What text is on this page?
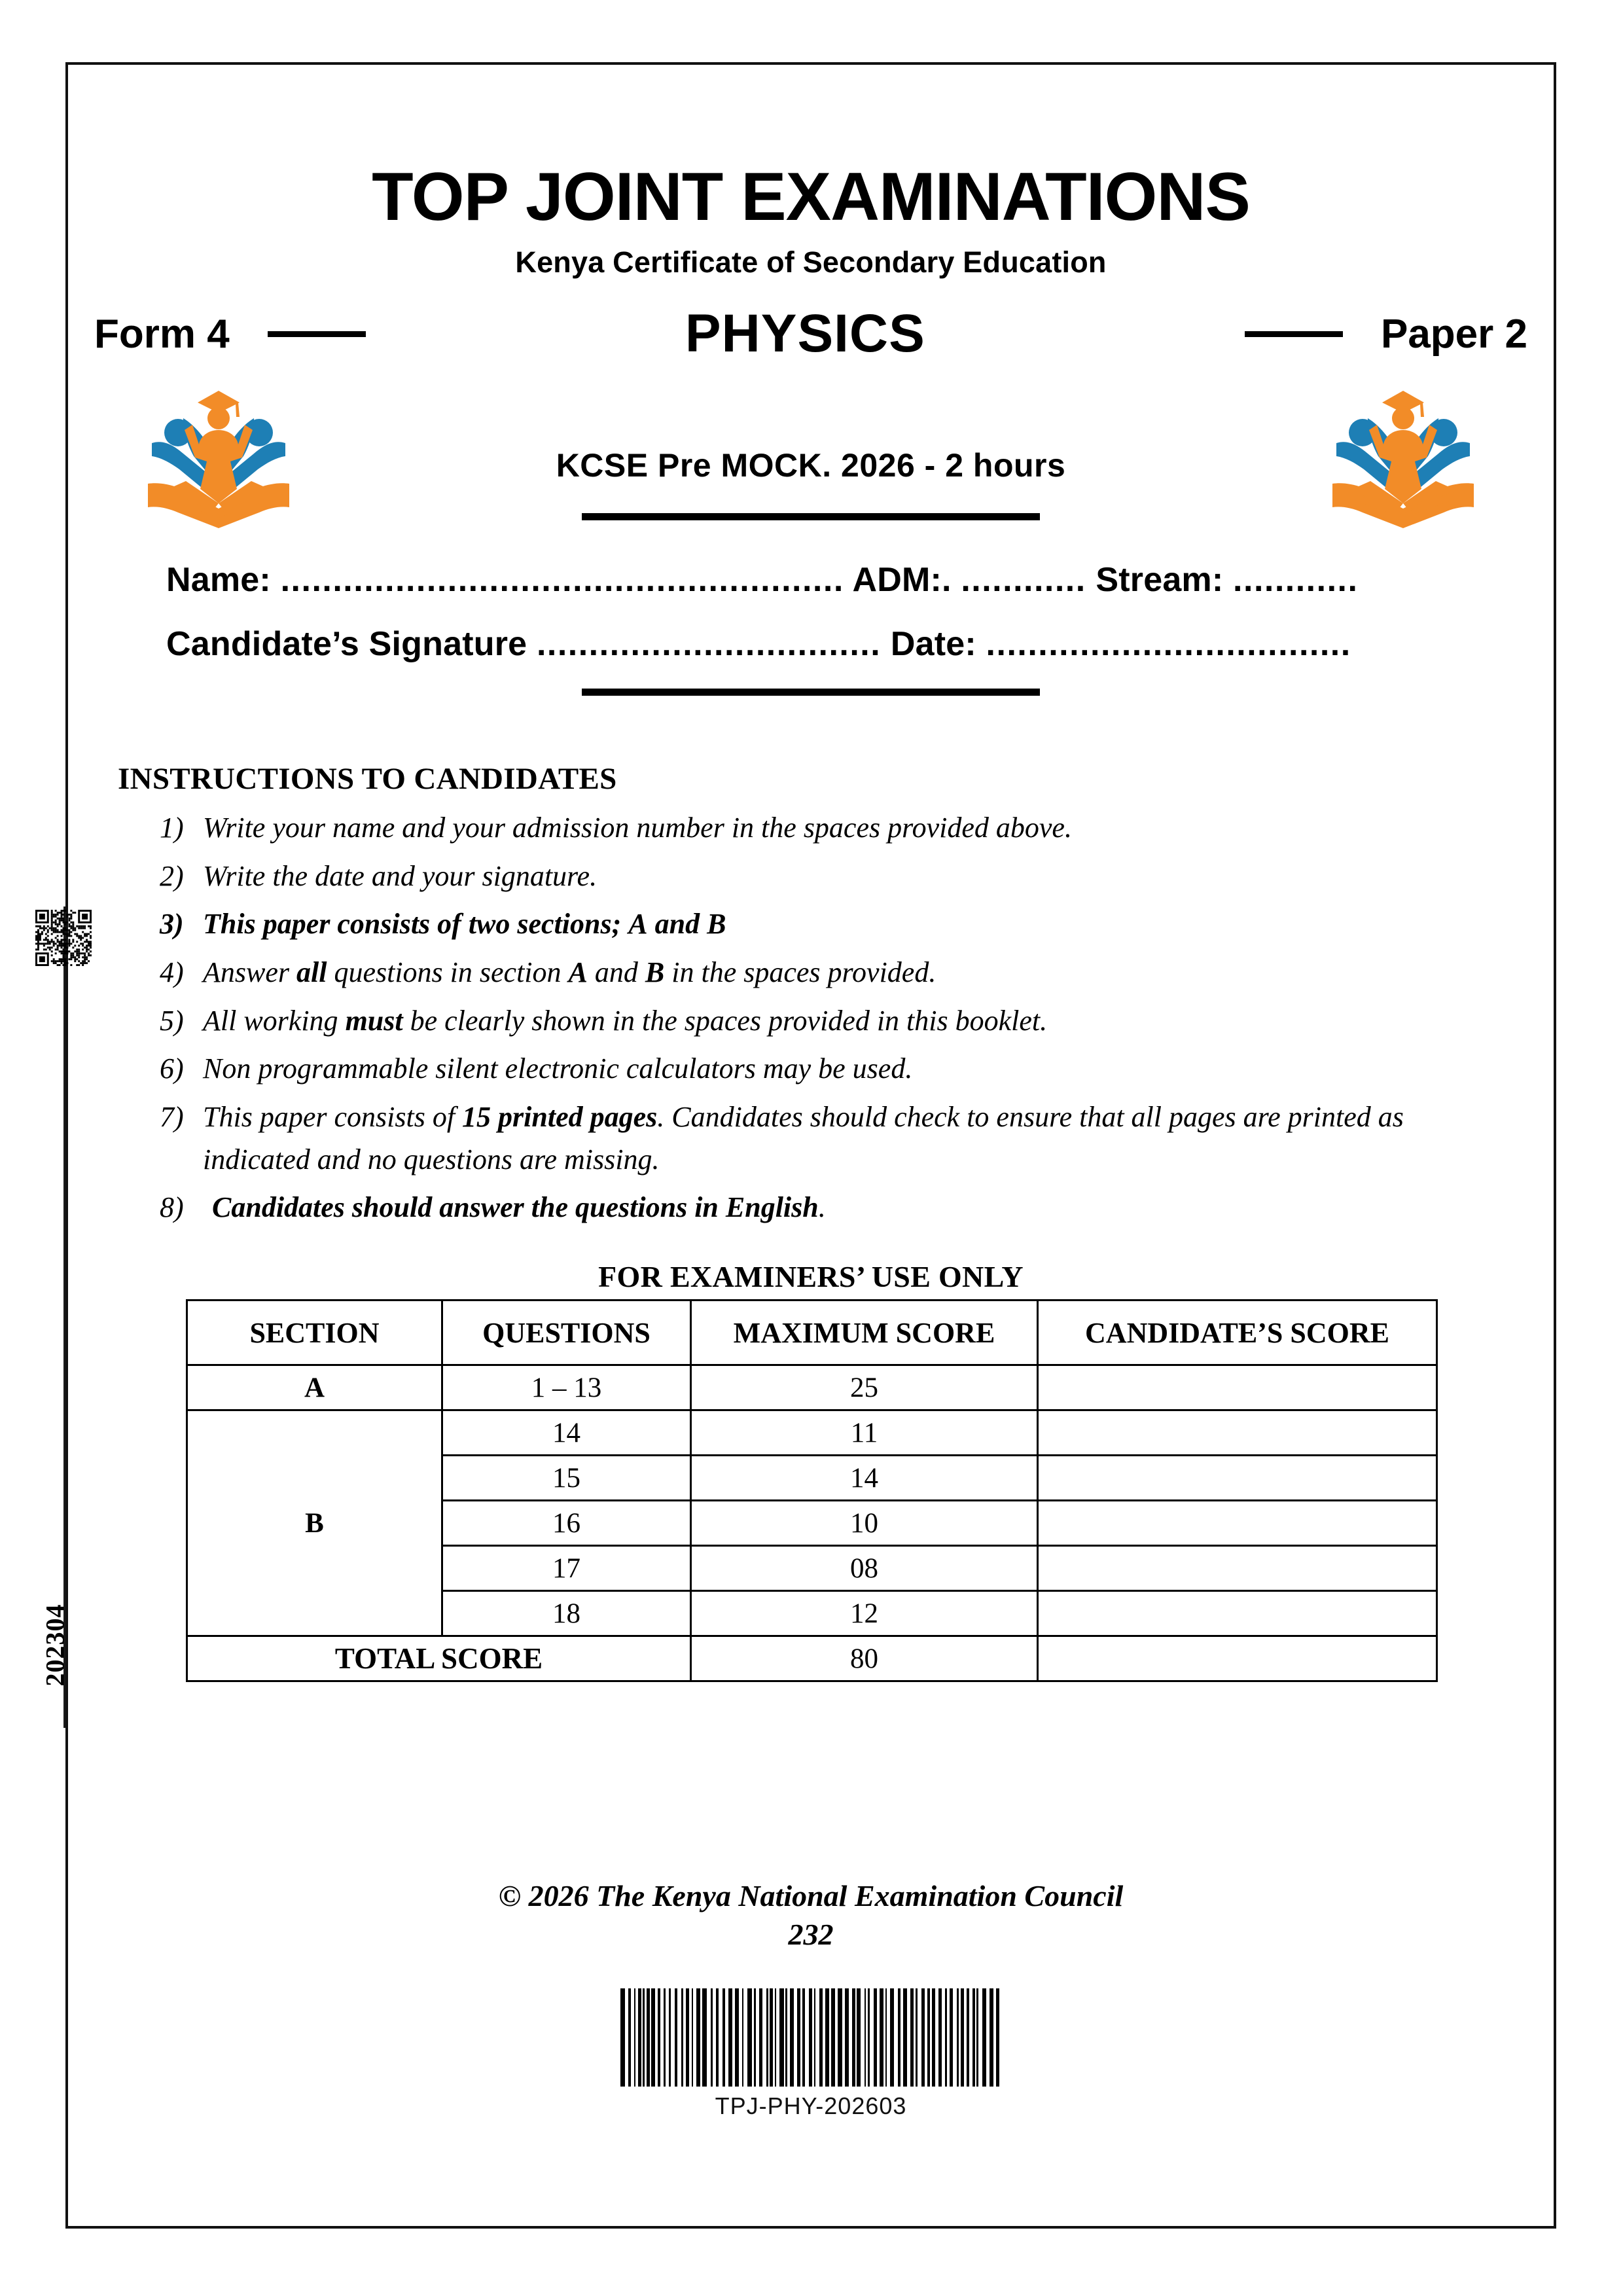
TOP JOINT EXAMINATIONS
Kenya Certificate of Secondary Education
Form 4	PHYSICS	Paper 2
KCSE Pre MOCK. 2026 - 2 hours
Name: ...................................................... ADM:. ............ Stream: ............
Candidate’s Signature ................................. Date: ...................................
INSTRUCTIONS TO CANDIDATES
1) Write your name and your admission number in the spaces provided above.
2) Write the date and your signature.
3) This paper consists of two sections; A and B
4) Answer all questions in section A and B in the spaces provided.
5) All working must be clearly shown in the spaces provided in this booklet.
6) Non programmable silent electronic calculators may be used.
7) This paper consists of 15 printed pages. Candidates should check to ensure that all pages are printed as indicated and no questions are missing.
8) Candidates should answer the questions in English.
FOR EXAMINERS’ USE ONLY
SECTION	QUESTIONS	MAXIMUM SCORE	CANDIDATE’S SCORE
A	1 – 13	25	
B	14	11	
	15	14	
	16	10	
	17	08	
	18	12	
TOTAL SCORE		80	
© 2026 The Kenya National Examination Council
232
TPJ-PHY-202603
202304
